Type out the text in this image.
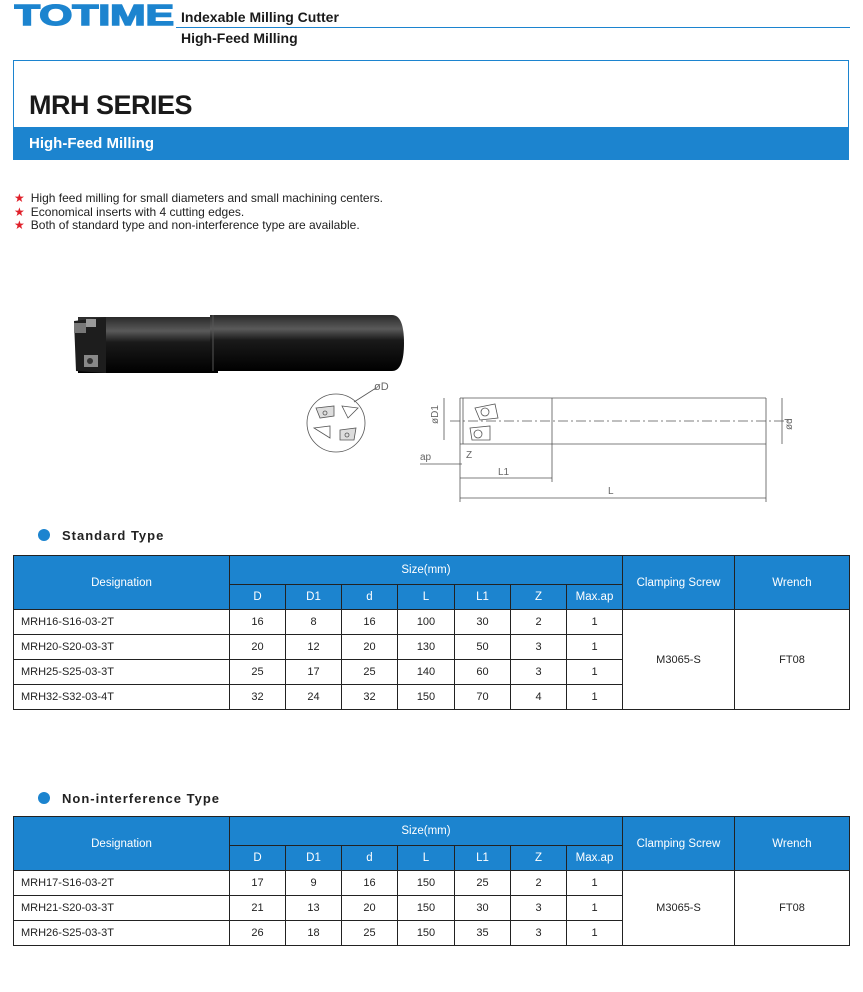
TOTIME Indexable Milling Cutter
High-Feed Milling
MRH SERIES
High-Feed Milling
★ High feed milling for small diameters and small machining centers.
★ Economical inserts with 4 cutting edges.
★ Both of standard type and non-interference type are available.
øD
øD1
ød
ap	Z
L1
L
Standard Type
Designation	Size(mm)							Clamping Screw	Wrench
	D	D1	d	L	L1	Z	Max.ap		
MRH16-S16-03-2T	16	8	16	100	30	2	1	M3065-S	FT08
MRH20-S20-03-3T	20	12	20	130	50	3	1		
MRH25-S25-03-3T	25	17	25	140	60	3	1		
MRH32-S32-03-4T	32	24	32	150	70	4	1		
Non-interference Type
Designation	Size(mm)							Clamping Screw	Wrench
	D	D1	d	L	L1	Z	Max.ap		
MRH17-S16-03-2T	17	9	16	150	25	2	1	M3065-S	FT08
MRH21-S20-03-3T	21	13	20	150	30	3	1		
MRH26-S25-03-3T	26	18	25	150	35	3	1		
